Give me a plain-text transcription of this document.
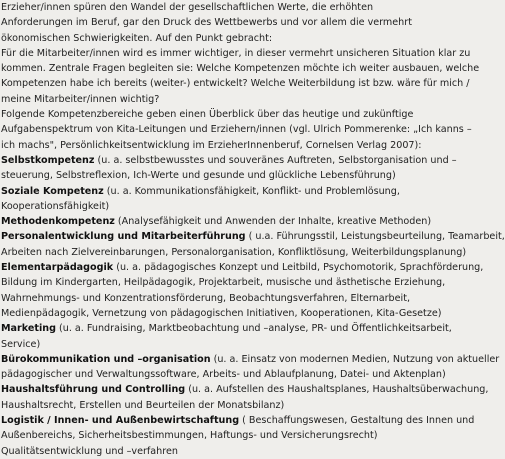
Erzieher/innen spüren den Wandel der gesellschaftlichen Werte, die erhöhten
Anforderungen im Beruf, gar den Druck des Wettbewerbs und vor allem die vermehrt
ökonomischen Schwierigkeiten. Auf den Punkt gebracht:
Für die Mitarbeiter/innen wird es immer wichtiger, in dieser vermehrt unsicheren Situation klar zu
kommen. Zentrale Fragen begleiten sie: Welche Kompetenzen möchte ich weiter ausbauen, welche
Kompetenzen habe ich bereits (weiter-) entwickelt? Welche Weiterbildung ist bzw. wäre für mich /
meine Mitarbeiter/innen wichtig?
Folgende Kompetenzbereiche geben einen Überblick über das heutige und zukünftige
Aufgabenspektrum von Kita-Leitungen und Erziehern/innen (vgl. Ulrich Pommerenke: „Ich kanns –
ich machs", Persönlichkeitsentwicklung im ErzieherInnenberuf, Cornelsen Verlag 2007):
Selbstkompetenz (u. a. selbstbewusstes und souveränes Auftreten, Selbstorganisation und –
steuerung, Selbstreflexion, Ich-Werte und gesunde und glückliche Lebensführung)
Soziale Kompetenz (u. a. Kommunikationsfähigkeit, Konflikt- und Problemlösung,
Kooperationsfähigkeit)
Methodenkompetenz (Analysefähigkeit und Anwenden der Inhalte, kreative Methoden)
Personalentwicklung und Mitarbeiterführung ( u.a. Führungsstil, Leistungsbeurteilung, Teamarbeit,
Arbeiten nach Zielvereinbarungen, Personalorganisation, Konfliktlösung, Weiterbildungsplanung)
Elementarpädagogik (u. a. pädagogisches Konzept und Leitbild, Psychomotorik, Sprachförderung,
Bildung im Kindergarten, Heilpädagogik, Projektarbeit, musische und ästhetische Erziehung,
Wahrnehmungs- und Konzentrationsförderung, Beobachtungsverfahren, Elternarbeit,
Medienpädagogik, Vernetzung von pädagogischen Initiativen, Kooperationen, Kita-Gesetze)
Marketing (u. a. Fundraising, Marktbeobachtung und –analyse, PR- und Öffentlichkeitsarbeit,
Service)
Bürokommunikation und –organisation (u. a. Einsatz von modernen Medien, Nutzung von aktueller
pädagogischer und Verwaltungssoftware, Arbeits- und Ablaufplanung, Datei- und Aktenplan)
Haushaltsführung und Controlling (u. a. Aufstellen des Haushaltsplanes, Haushaltsüberwachung,
Haushaltsrecht, Erstellen und Beurteilen der Monatsbilanz)
Logistik / Innen- und Außenbewirtschaftung ( Beschaffungswesen, Gestaltung des Innen und
Außenbereichs, Sicherheitsbestimmungen, Haftungs- und Versicherungsrecht)
Qualitätsentwicklung und –verfahren
